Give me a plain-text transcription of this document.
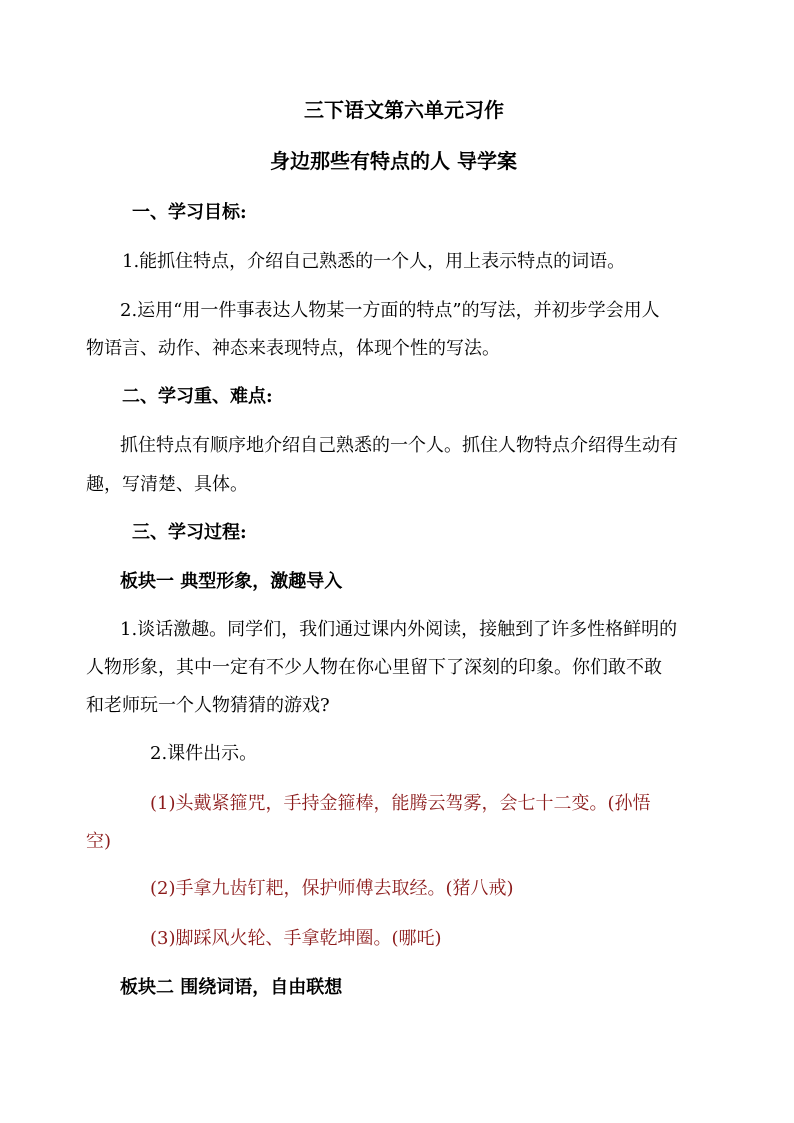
三下语文第六单元习作
身边那些有特点的人 导学案
一、学习目标:
1.能抓住特点，介绍自己熟悉的一个人，用上表示特点的词语。
2.运用“用一件事表达人物某一方面的特点”的写法，并初步学会用人
物语言、动作、神态来表现特点，体现个性的写法。
二、学习重、难点:
抓住特点有顺序地介绍自己熟悉的一个人。抓住人物特点介绍得生动有
趣，写清楚、具体。
三、学习过程:
板块一 典型形象，激趣导入
1.谈话激趣。同学们，我们通过课内外阅读，接触到了许多性格鲜明的
人物形象，其中一定有不少人物在你心里留下了深刻的印象。你们敢不敢
和老师玩一个人物猜猜的游戏?
2.课件出示。
(1)头戴紧箍咒，手持金箍棒，能腾云驾雾，会七十二变。(孙悟
空)
(2)手拿九齿钉耙，保护师傅去取经。(猪八戒)
(3)脚踩风火轮、手拿乾坤圈。(哪吒)
板块二 围绕词语，自由联想
